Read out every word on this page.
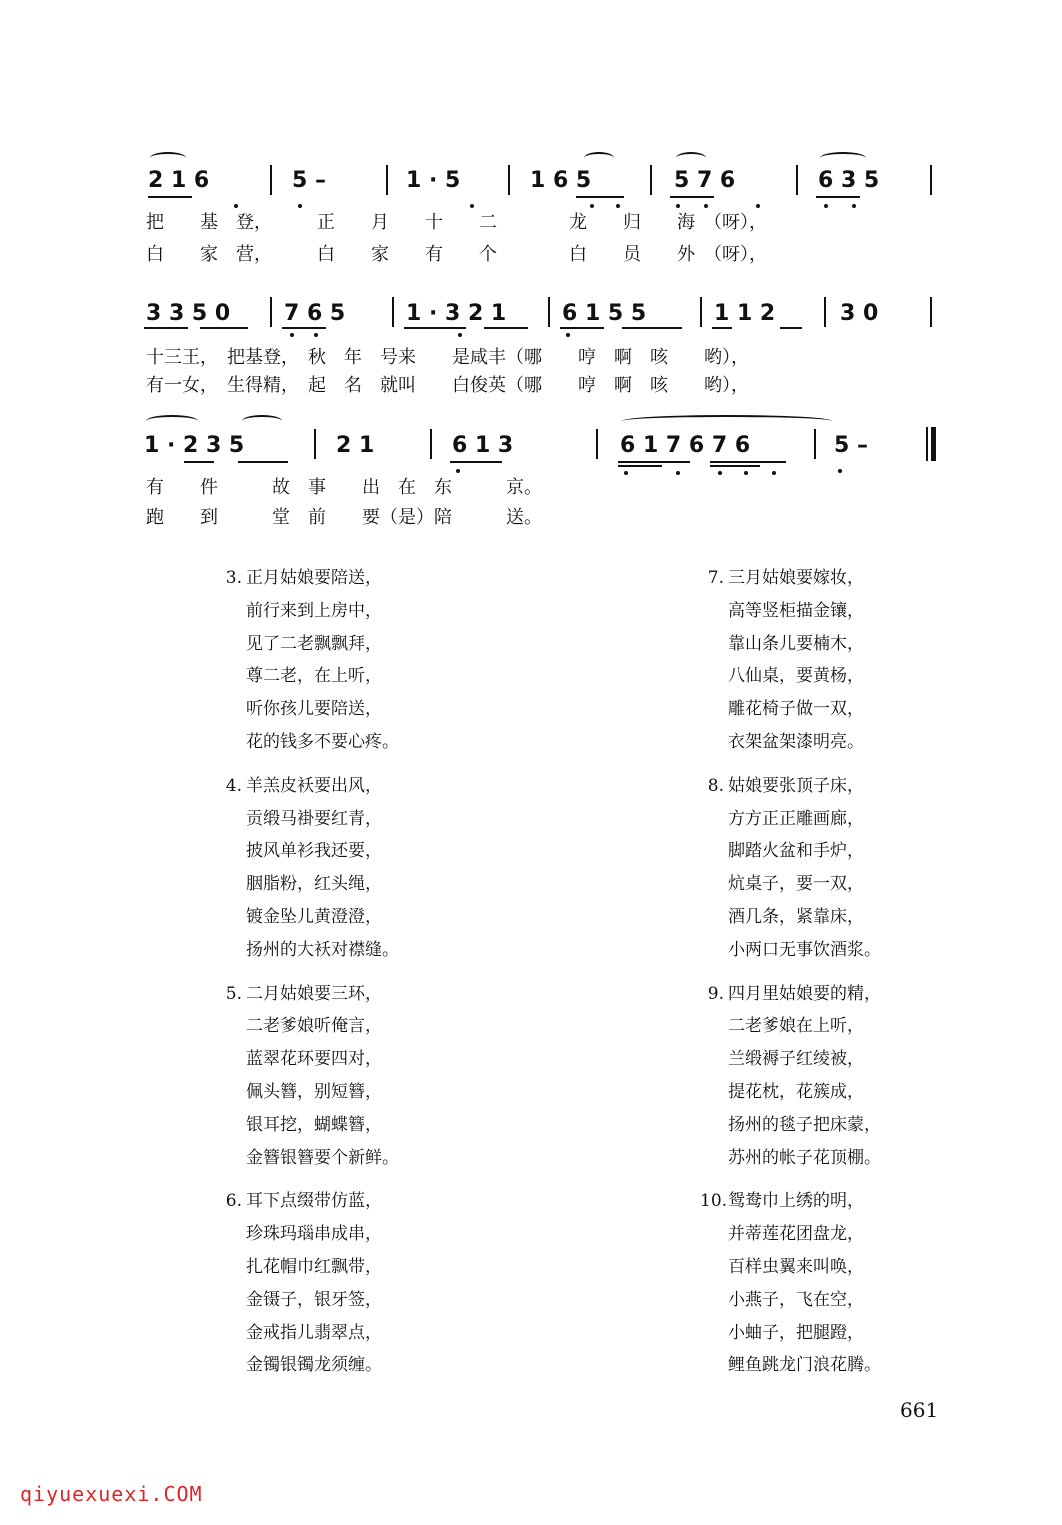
2 1 6	5 –	1 · 5	1 6 5	5 7 6	6 3 5
把　　基　登，　　　正　　月　　十　　二　　　　龙　　归　　海　（呀），
白　　家　营，　　　白　　家　　有　　个　　　　白　　员　　外　（呀），
3 3 5 0 7 6 5	1 · 3 2 1	6 1 5 5	1 1 2	3 0
十三王，　把基登，　秋　年　号来　　是咸丰（哪　　哼　啊　咳　　哟），
有一女，　生得精，　起　名　就叫　　白俊英（哪　　哼　啊　咳　　哟），
1 · 2 3 5	2 1	6 1 3	6 1 7 6 7 6	5 –
有　　件　　　故　事　　出　在　东　　　京。
跑　　到　　　堂　前　　要（是）陪　　　送。
3. 正月姑娘要陪送，
前行来到上房中，
见了二老飘飘拜，
尊二老，在上听，
听你孩儿要陪送，
花的钱多不要心疼。
4. 羊羔皮袄要出风，
贡缎马褂要红青，
披风单衫我还要，
胭脂粉，红头绳，
镀金坠儿黄澄澄，
扬州的大袄对襟缝。
5. 二月姑娘要三环，
二老爹娘听俺言，
蓝翠花环要四对，
佩头簪，别短簪，
银耳挖，蝴蝶簪，
金簪银簪要个新鲜。
6. 耳下点缀带仿蓝，
珍珠玛瑙串成串，
扎花帽巾红飘带，
金镊子，银牙签，
金戒指儿翡翠点，
金镯银镯龙须缠。
7. 三月姑娘要嫁妆，
高等竖柜描金镶，
靠山条儿要楠木，
八仙桌，要黄杨，
雕花椅子做一双，
衣架盆架漆明亮。
8. 姑娘要张顶子床，
方方正正雕画廊，
脚踏火盆和手炉，
炕桌子，要一双，
酒几条，紧靠床，
小两口无事饮酒浆。
9. 四月里姑娘要的精，
二老爹娘在上听，
兰缎褥子红绫被，
提花枕，花簇成，
扬州的毯子把床蒙，
苏州的帐子花顶棚。
10.鸳鸯巾上绣的明，
并蒂莲花团盘龙，
百样虫翼来叫唤，
小燕子，飞在空，
小蚰子，把腿蹬，
鲤鱼跳龙门浪花腾。
661
qiyuexuexi.COM
